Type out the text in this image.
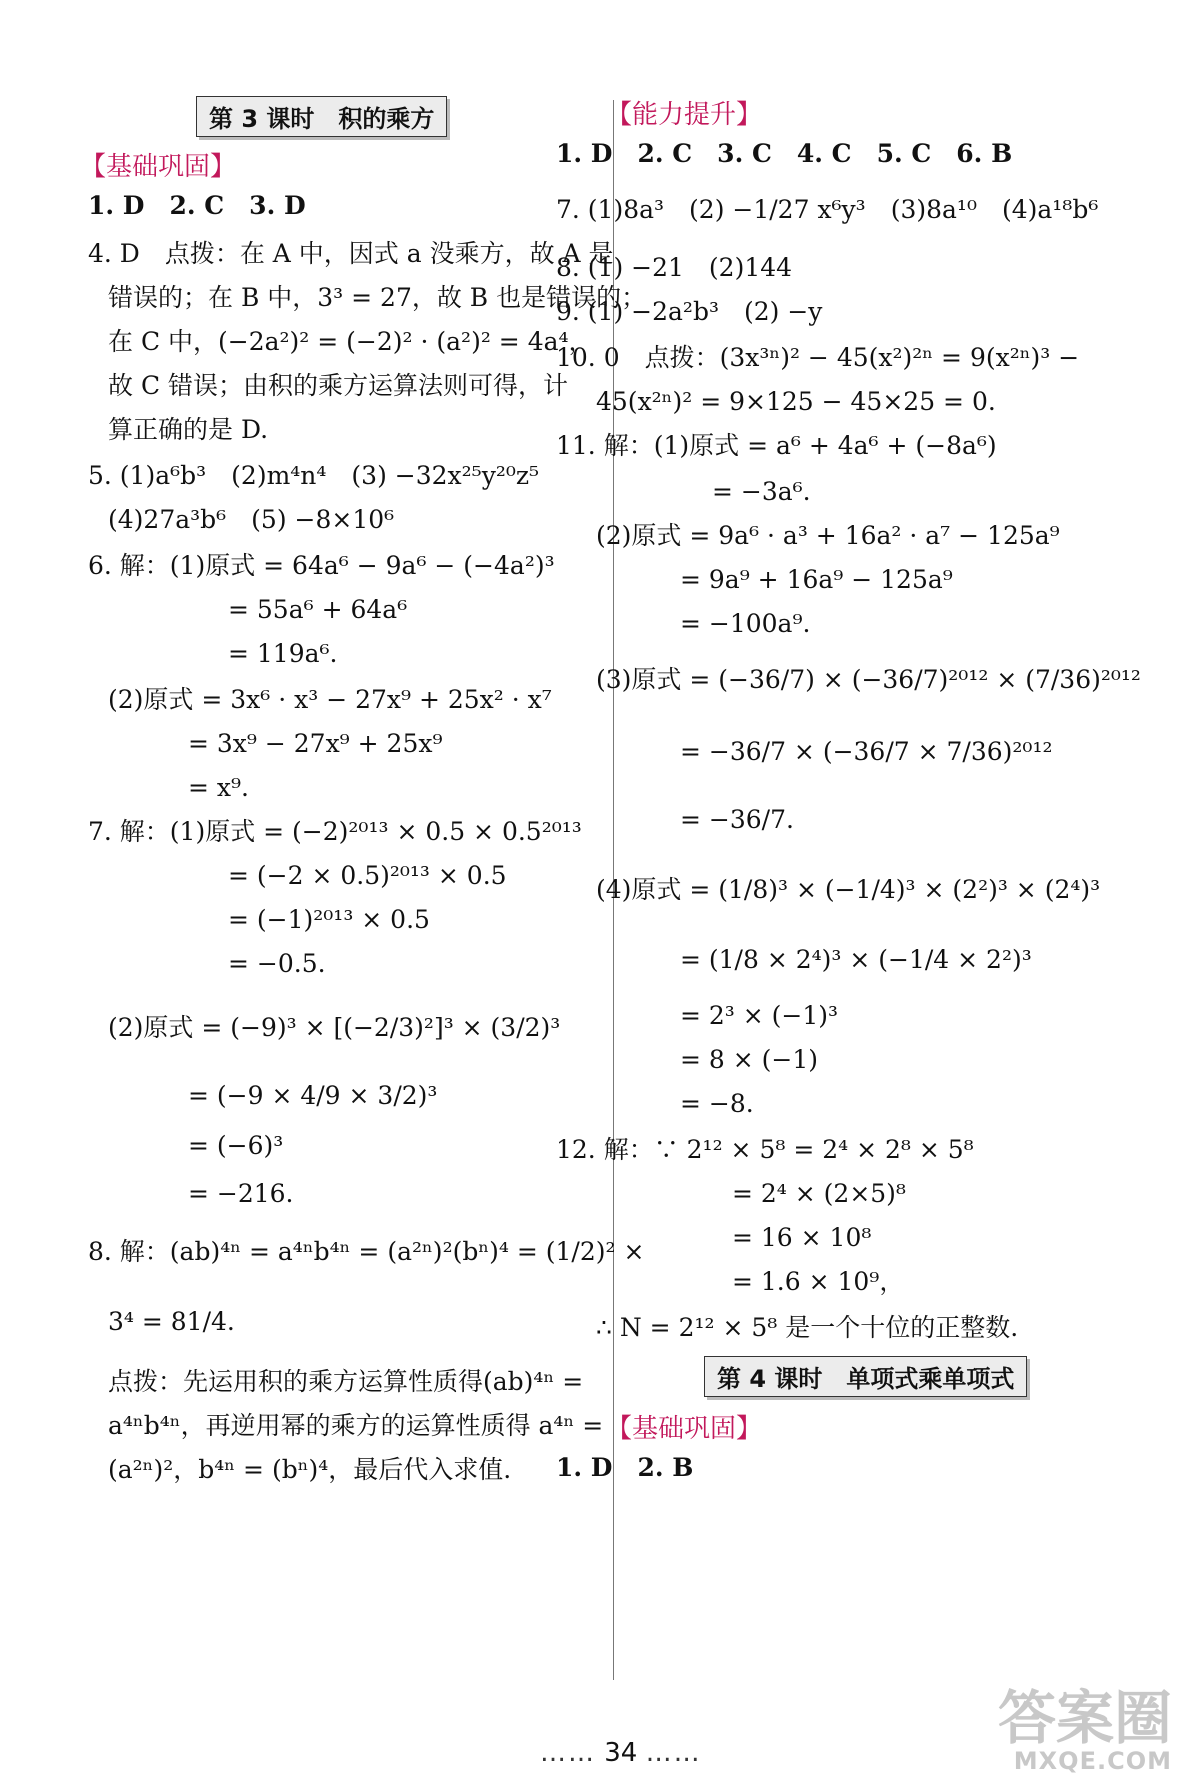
第 3 课时　积的乘方
【基础巩固】
1. D　2. C　3. D
4. D　点拨：在 A 中，因式 a 没乘方，故 A 是
错误的；在 B 中，3³ = 27，故 B 也是错误的；
在 C 中，(−2a²)² = (−2)² · (a²)² = 4a⁴，
故 C 错误；由积的乘方运算法则可得，计
算正确的是 D.
5. (1)a⁶b³　(2)m⁴n⁴　(3) −32x²⁵y²⁰z⁵
(4)27a³b⁶　(5) −8×10⁶
6. 解：(1)原式 = 64a⁶ − 9a⁶ − (−4a²)³
= 55a⁶ + 64a⁶
= 119a⁶.
(2)原式 = 3x⁶ · x³ − 27x⁹ + 25x² · x⁷
= 3x⁹ − 27x⁹ + 25x⁹
= x⁹.
7. 解：(1)原式 = (−2)²⁰¹³ × 0.5 × 0.5²⁰¹³
= (−2 × 0.5)²⁰¹³ × 0.5
= (−1)²⁰¹³ × 0.5
= −0.5.
(2)原式 = (−9)³ × [(−2/3)²]³ × (3/2)³
= (−9 × 4/9 × 3/2)³
= (−6)³
= −216.
8. 解：(ab)⁴ⁿ = a⁴ⁿb⁴ⁿ = (a²ⁿ)²(bⁿ)⁴ = (1/2)² ×
3⁴ = 81/4.
点拨：先运用积的乘方运算性质得(ab)⁴ⁿ =
a⁴ⁿb⁴ⁿ，再逆用幂的乘方的运算性质得 a⁴ⁿ =
(a²ⁿ)²，b⁴ⁿ = (bⁿ)⁴，最后代入求值.
【能力提升】
1. D　2. C　3. C　4. C　5. C　6. B
7. (1)8a³　(2) −1/27 x⁶y³　(3)8a¹⁰　(4)a¹⁸b⁶
8. (1) −21　(2)144
9. (1) −2a²b³　(2) −y
10. 0　点拨：(3x³ⁿ)² − 45(x²)²ⁿ = 9(x²ⁿ)³ −
45(x²ⁿ)² = 9×125 − 45×25 = 0.
11. 解：(1)原式 = a⁶ + 4a⁶ + (−8a⁶)
= −3a⁶.
(2)原式 = 9a⁶ · a³ + 16a² · a⁷ − 125a⁹
= 9a⁹ + 16a⁹ − 125a⁹
= −100a⁹.
(3)原式 = (−36/7) × (−36/7)²⁰¹² × (7/36)²⁰¹²
= −36/7 × (−36/7 × 7/36)²⁰¹²
= −36/7.
(4)原式 = (1/8)³ × (−1/4)³ × (2²)³ × (2⁴)³
= (1/8 × 2⁴)³ × (−1/4 × 2²)³
= 2³ × (−1)³
= 8 × (−1)
= −8.
12. 解：∵ 2¹² × 5⁸ = 2⁴ × 2⁸ × 5⁸
= 2⁴ × (2×5)⁸
= 16 × 10⁸
= 1.6 × 10⁹，
∴ N = 2¹² × 5⁸ 是一个十位的正整数.
第 4 课时　单项式乘单项式
【基础巩固】
1. D　2. B
…… 34 ……
答案圈
MXQE.COM
